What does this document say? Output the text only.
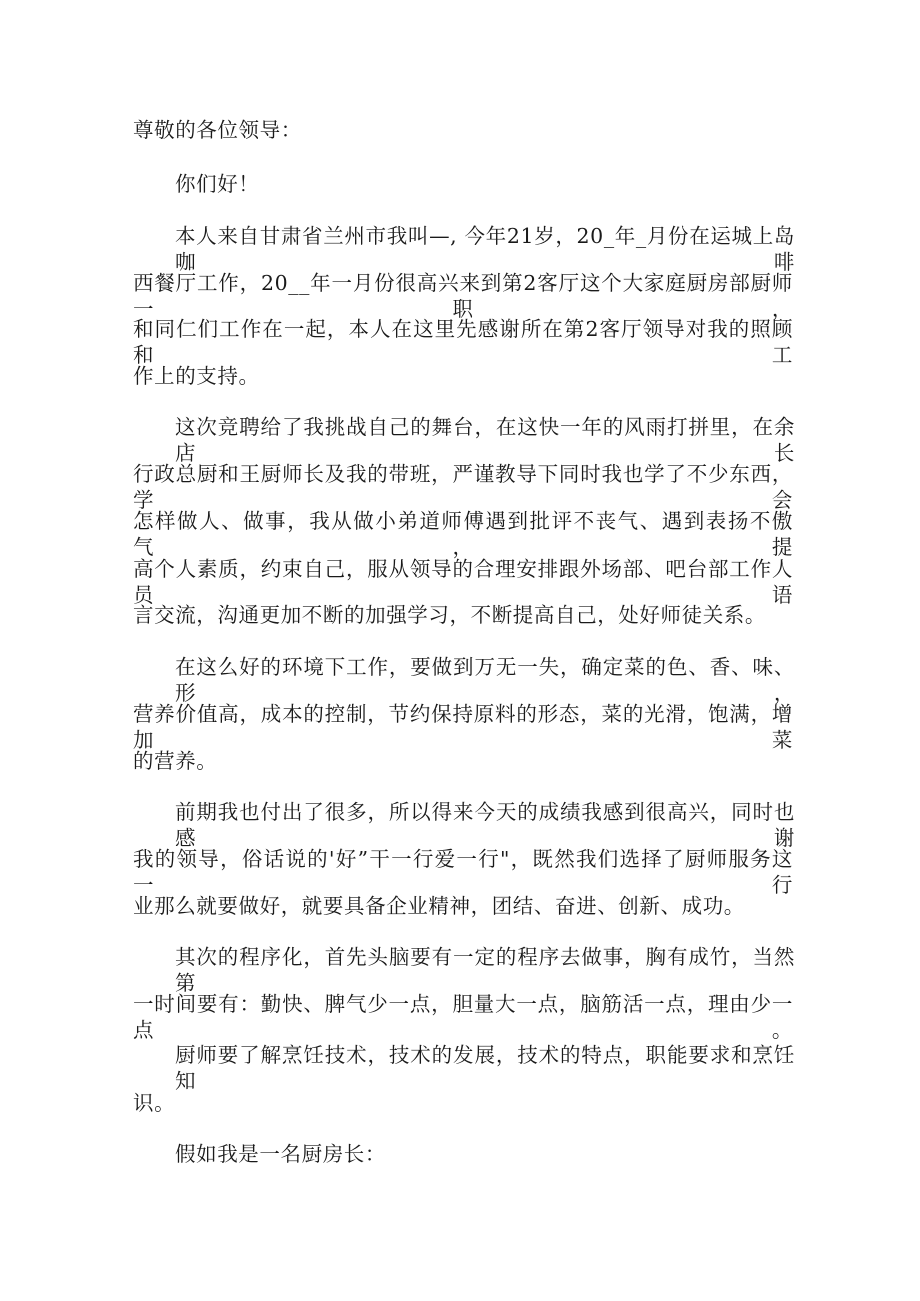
尊敬的各位领导：
你们好！
本人来自甘肃省兰州市我叫—, 今年21岁，20_年_月份在运城上岛咖啡
西餐厅工作，20__年一月份很高兴来到第2客厅这个大家庭厨房部厨师一职，
和同仁们工作在一起，本人在这里先感谢所在第2客厅领导对我的照顾和工
作上的支持。
这次竞聘给了我挑战自己的舞台，在这快一年的风雨打拼里，在余店长
行政总厨和王厨师长及我的带班，严谨教导下同时我也学了不少东西，学会
怎样做人、做事，我从做小弟道师傅遇到批评不丧气、遇到表扬不傲气，提
高个人素质，约束自己，服从领导的合理安排跟外场部、吧台部工作人员语
言交流，沟通更加不断的加强学习，不断提高自己，处好师徒关系。
在这么好的环境下工作，要做到万无一失，确定菜的色、香、味、形，
营养价值高，成本的控制，节约保持原料的形态，菜的光滑，饱满，增加菜
的营养。
前期我也付出了很多，所以得来今天的成绩我感到很高兴，同时也感谢
我的领导，俗话说的'好”干一行爱一行"，既然我们选择了厨师服务这一行
业那么就要做好，就要具备企业精神，团结、奋进、创新、成功。
其次的程序化，首先头脑要有一定的程序去做事，胸有成竹，当然第
一时间要有：勤快、脾气少一点，胆量大一点，脑筋活一点，理由少一点。
厨师要了解烹饪技术，技术的发展，技术的特点，职能要求和烹饪知
识。
假如我是一名厨房长：
